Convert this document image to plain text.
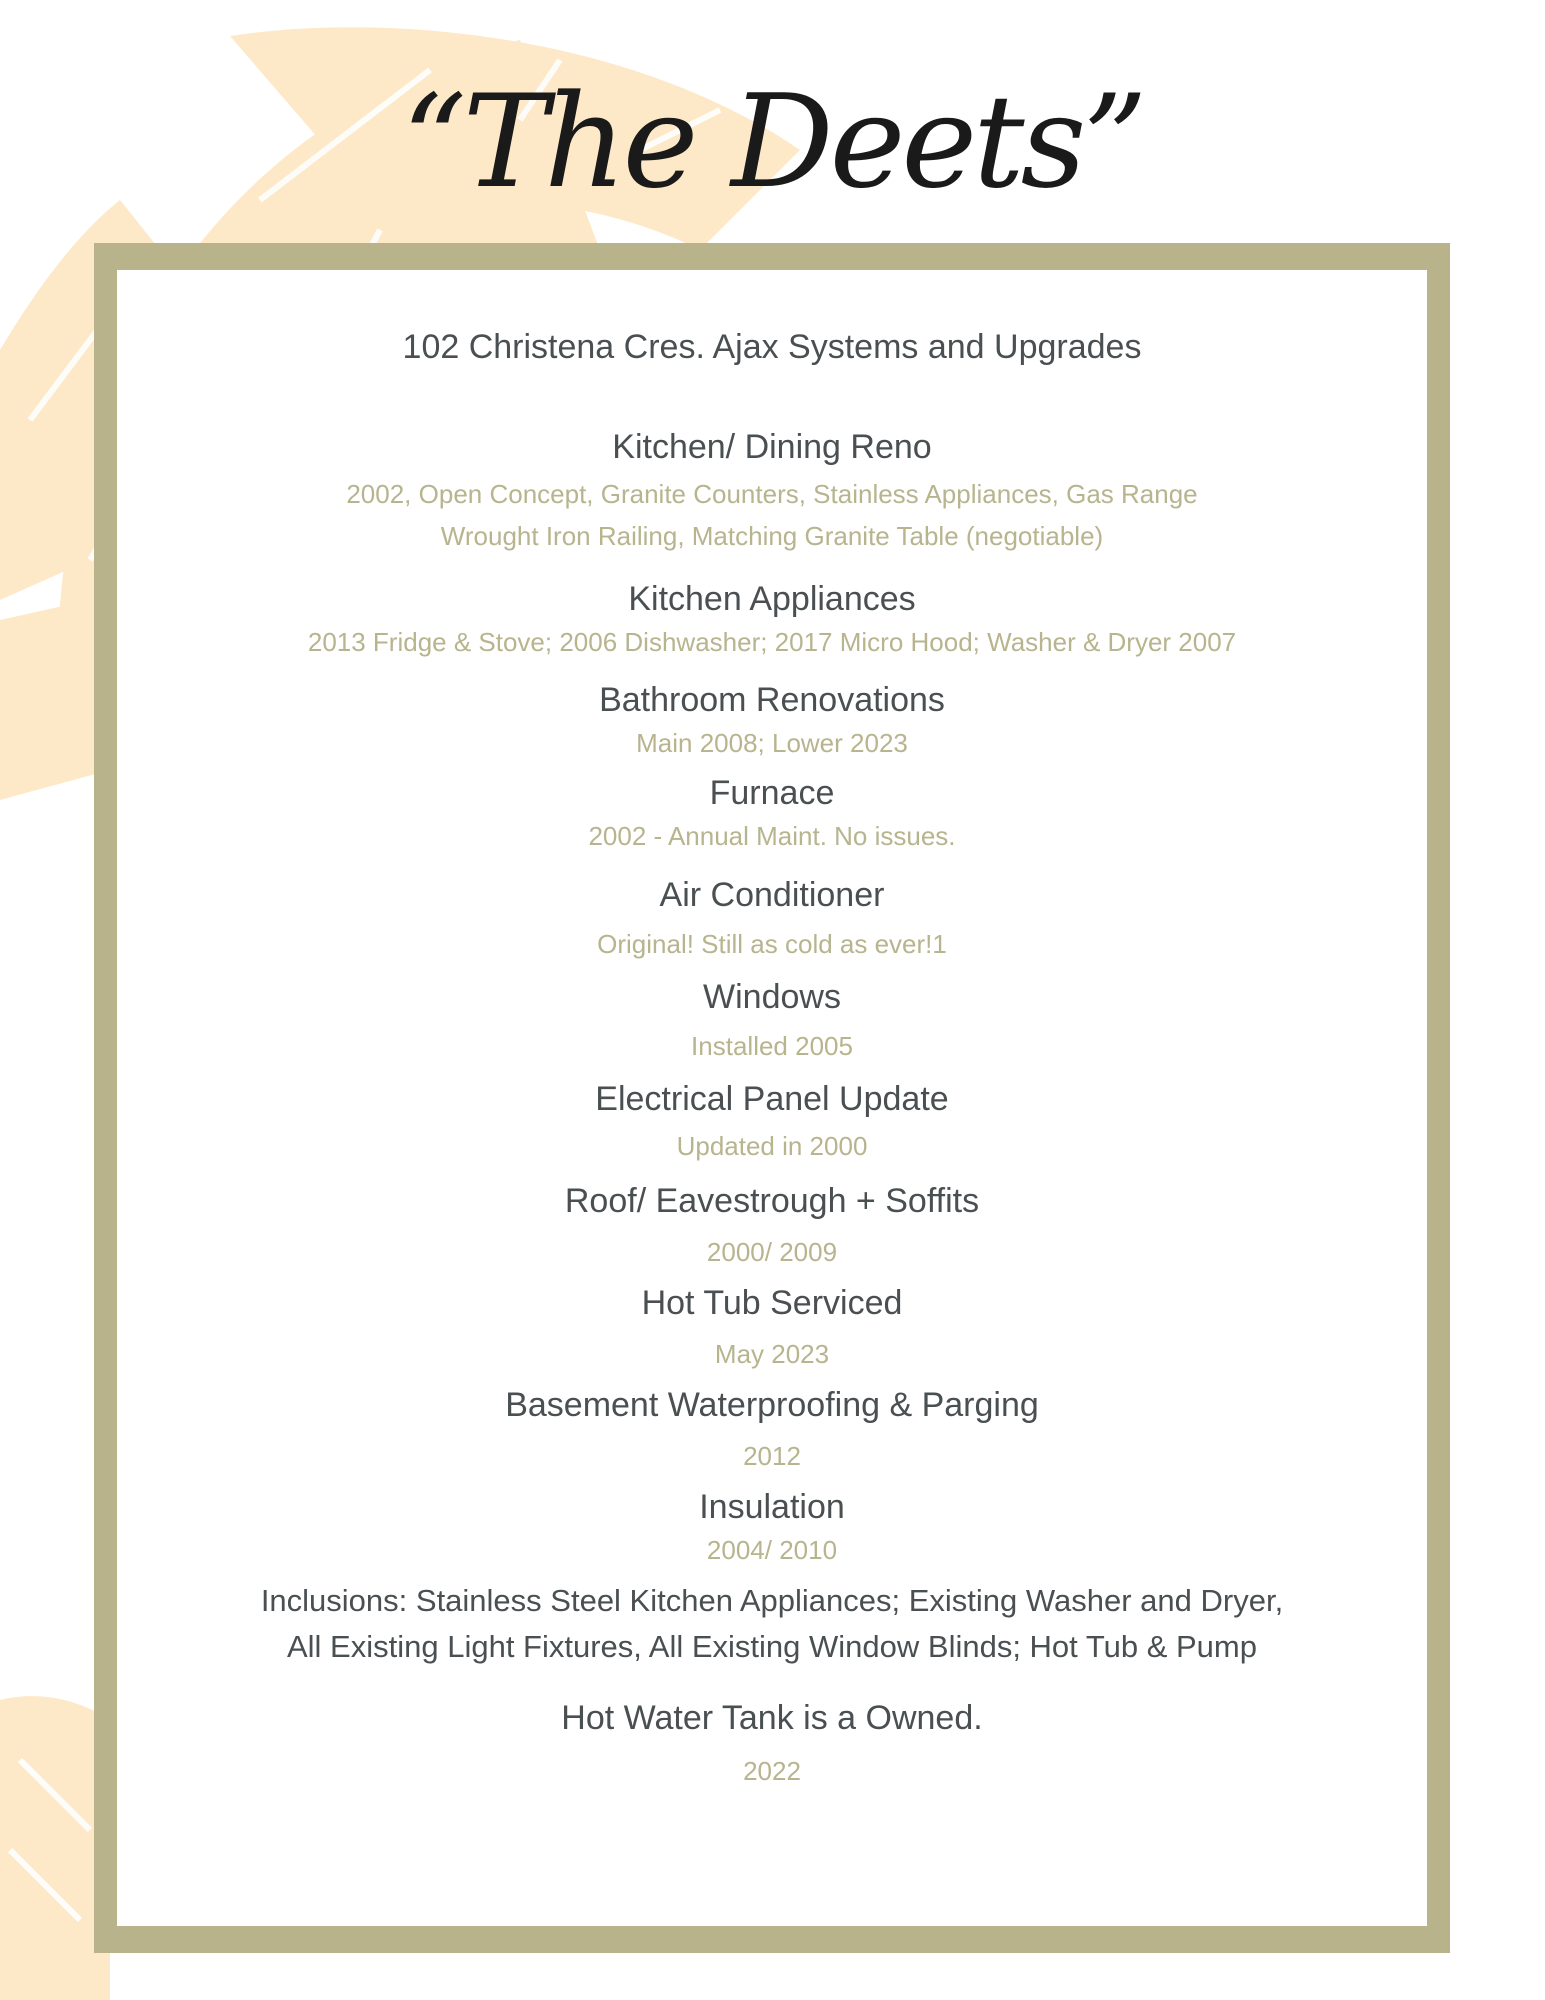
“The Deets”
102 Christena Cres. Ajax Systems and Upgrades
Kitchen/ Dining Reno
2002, Open Concept, Granite Counters, Stainless Appliances, Gas Range
Wrought Iron Railing, Matching Granite Table (negotiable)
Kitchen Appliances
2013 Fridge & Stove; 2006 Dishwasher; 2017 Micro Hood; Washer & Dryer 2007
Bathroom Renovations
Main 2008; Lower 2023
Furnace
2002 - Annual Maint. No issues.
Air Conditioner
Original! Still as cold as ever!1
Windows
Installed 2005
Electrical Panel Update
Updated in 2000
Roof/ Eavestrough + Soffits
2000/ 2009
Hot Tub Serviced
May 2023
Basement Waterproofing & Parging
2012
Insulation
2004/ 2010
Inclusions: Stainless Steel Kitchen Appliances; Existing Washer and Dryer,
All Existing Light Fixtures, All Existing Window Blinds; Hot Tub & Pump
Hot Water Tank is a Owned.
2022
